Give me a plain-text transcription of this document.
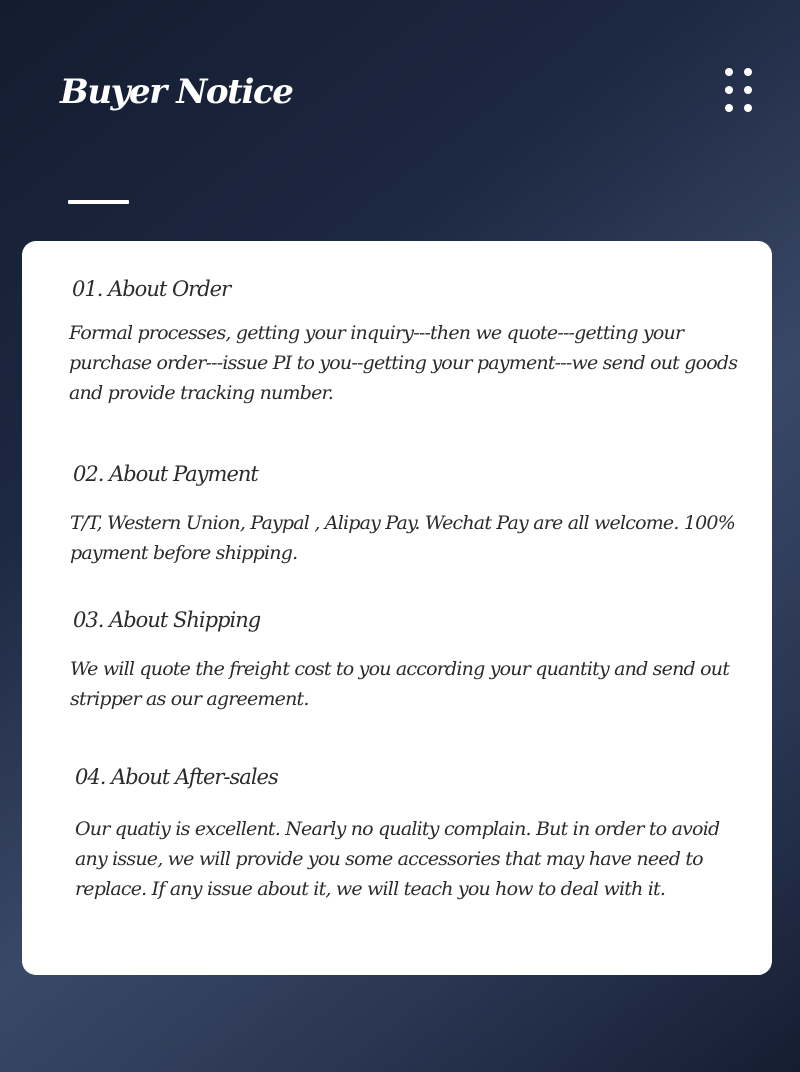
Buyer Notice
01. About Order

Formal processes, getting your inquiry---then we quote---getting your purchase order---issue PI to you--getting your payment---we send out goods and provide tracking number.

02. About Payment

T/T, Western Union, Paypal , Alipay Pay. Wechat Pay are all welcome. 100% payment before shipping.

03. About Shipping

We will quote the freight cost to you according your quantity and send out stripper as our agreement.

04. About After-sales

Our quatiy is excellent. Nearly no quality complain. But in order to avoid any issue, we will provide you some accessories that may have need to replace. If any issue about it, we will teach you how to deal with it.
